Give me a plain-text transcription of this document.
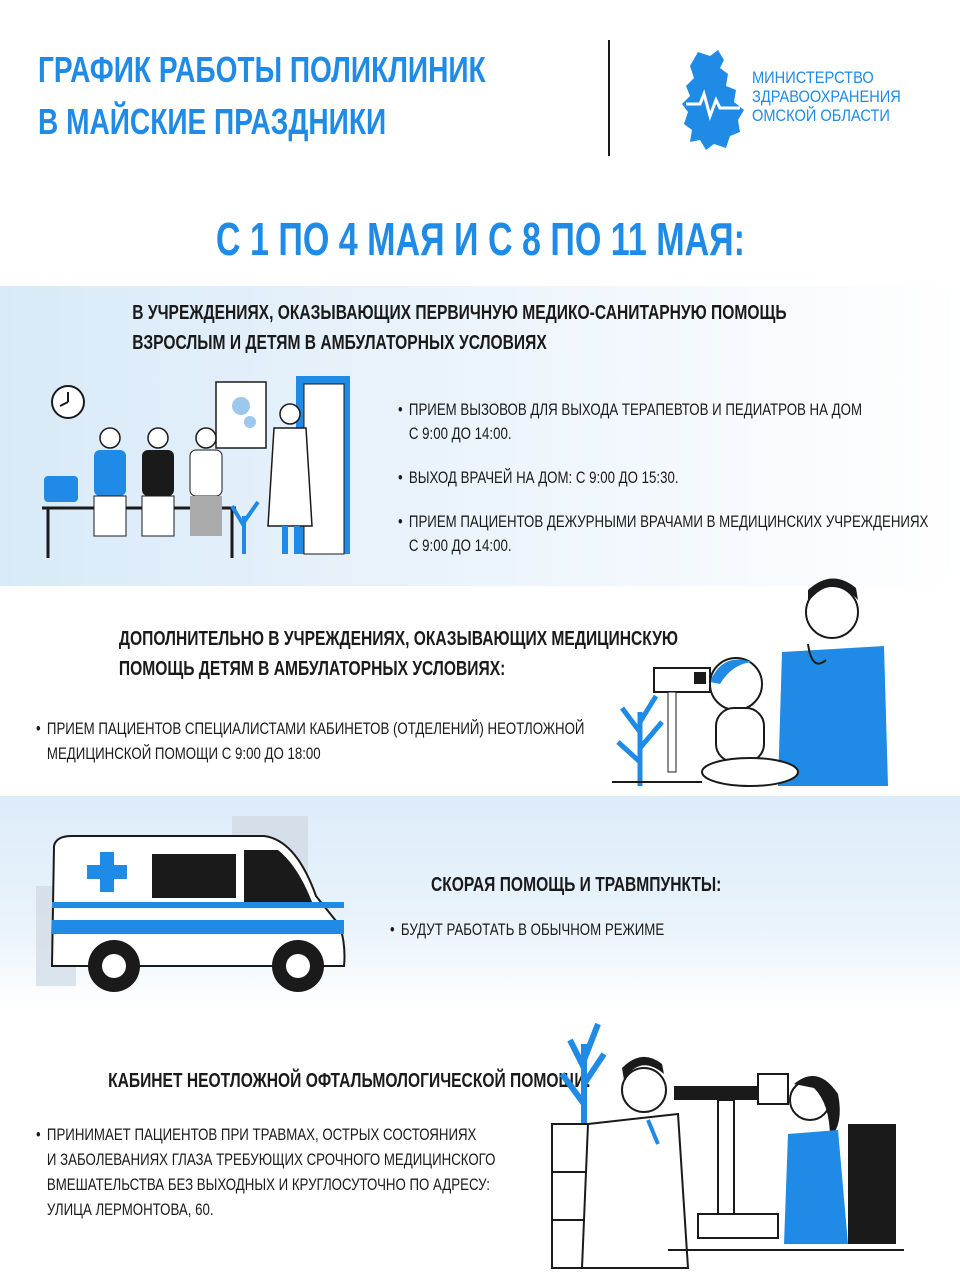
ГРАФИК РАБОТЫ ПОЛИКЛИНИК
В МАЙСКИЕ ПРАЗДНИКИ
МИНИСТЕРСТВО
ЗДРАВООХРАНЕНИЯ
ОМСКОЙ ОБЛАСТИ
С 1 ПО 4 МАЯ И С 8 ПО 11 МАЯ:
В УЧРЕЖДЕНИЯХ, ОКАЗЫВАЮЩИХ ПЕРВИЧНУЮ МЕДИКО-САНИТАРНУЮ ПОМОЩЬ
ВЗРОСЛЫМ И ДЕТЯМ В АМБУЛАТОРНЫХ УСЛОВИЯХ
• ПРИЕМ ВЫЗОВОВ ДЛЯ ВЫХОДА ТЕРАПЕВТОВ И ПЕДИАТРОВ НА ДОМ
С 9:00 ДО 14:00.
• ВЫХОД ВРАЧЕЙ НА ДОМ: С 9:00 ДО 15:30.
• ПРИЕМ ПАЦИЕНТОВ ДЕЖУРНЫМИ ВРАЧАМИ В МЕДИЦИНСКИХ УЧРЕЖДЕНИЯХ
С 9:00 ДО 14:00.
ДОПОЛНИТЕЛЬНО В УЧРЕЖДЕНИЯХ, ОКАЗЫВАЮЩИХ МЕДИЦИНСКУЮ
ПОМОЩЬ ДЕТЯМ В АМБУЛАТОРНЫХ УСЛОВИЯХ:
• ПРИЕМ ПАЦИЕНТОВ СПЕЦИАЛИСТАМИ КАБИНЕТОВ (ОТДЕЛЕНИЙ) НЕОТЛОЖНОЙ
МЕДИЦИНСКОЙ ПОМОЩИ С 9:00 ДО 18:00
СКОРАЯ ПОМОЩЬ И ТРАВМПУНКТЫ:
• БУДУТ РАБОТАТЬ В ОБЫЧНОМ РЕЖИМЕ
КАБИНЕТ НЕОТЛОЖНОЙ ОФТАЛЬМОЛОГИЧЕСКОЙ ПОМОЩИ:
• ПРИНИМАЕТ ПАЦИЕНТОВ ПРИ ТРАВМАХ, ОСТРЫХ СОСТОЯНИЯХ
И ЗАБОЛЕВАНИЯХ ГЛАЗА ТРЕБУЮЩИХ СРОЧНОГО МЕДИЦИНСКОГО
ВМЕШАТЕЛЬСТВА БЕЗ ВЫХОДНЫХ И КРУГЛОСУТОЧНО ПО АДРЕСУ:
УЛИЦА ЛЕРМОНТОВА, 60.
